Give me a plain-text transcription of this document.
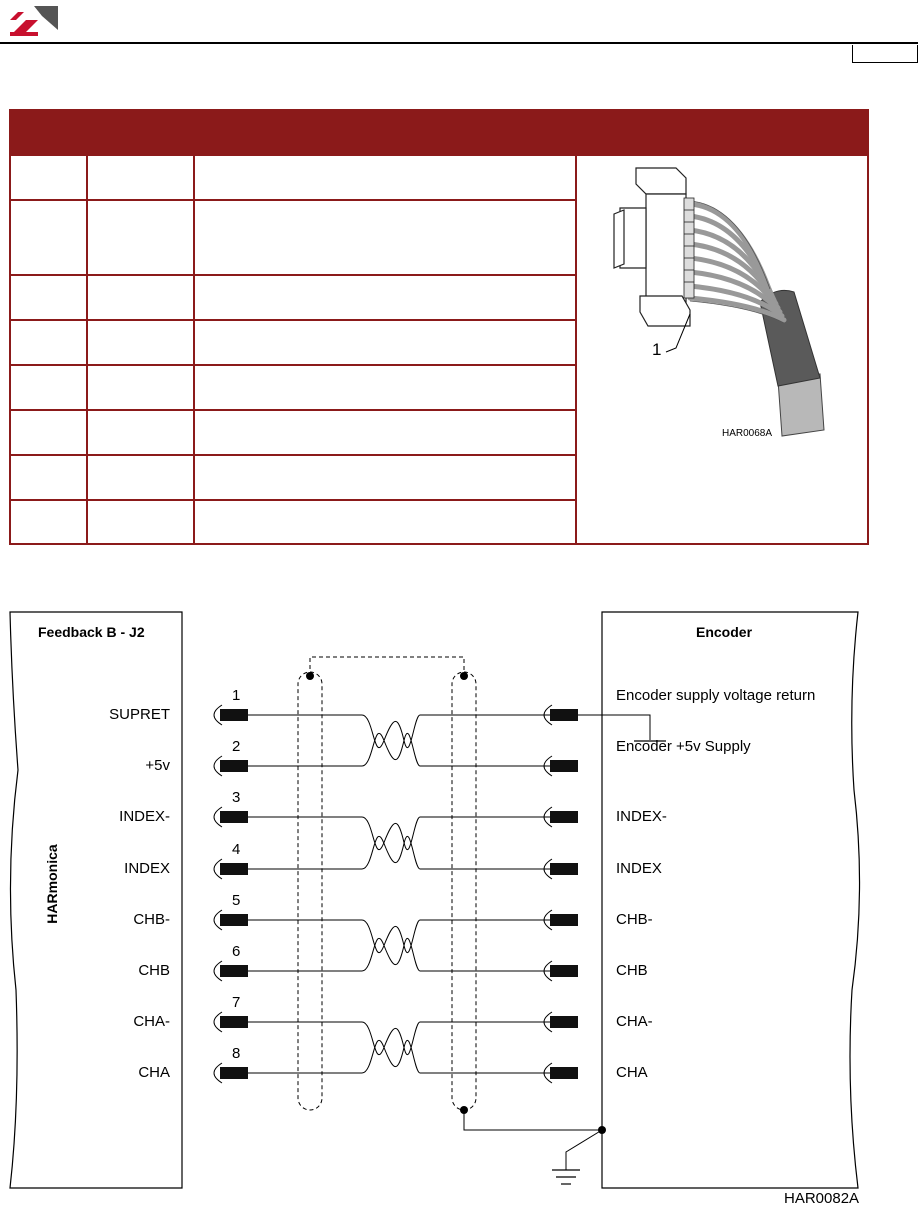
1
HAR0068A
Feedback B - J2	Encoder
HARmonica
HAR0082A
1
SUPRET
Encoder supply voltage return
2
+5v
Encoder +5v Supply
3
INDEX-	INDEX-
4
INDEX	INDEX
5
CHB-	CHB-
6
CHB	CHB
7
CHA-	CHA-
8
CHA	CHA
